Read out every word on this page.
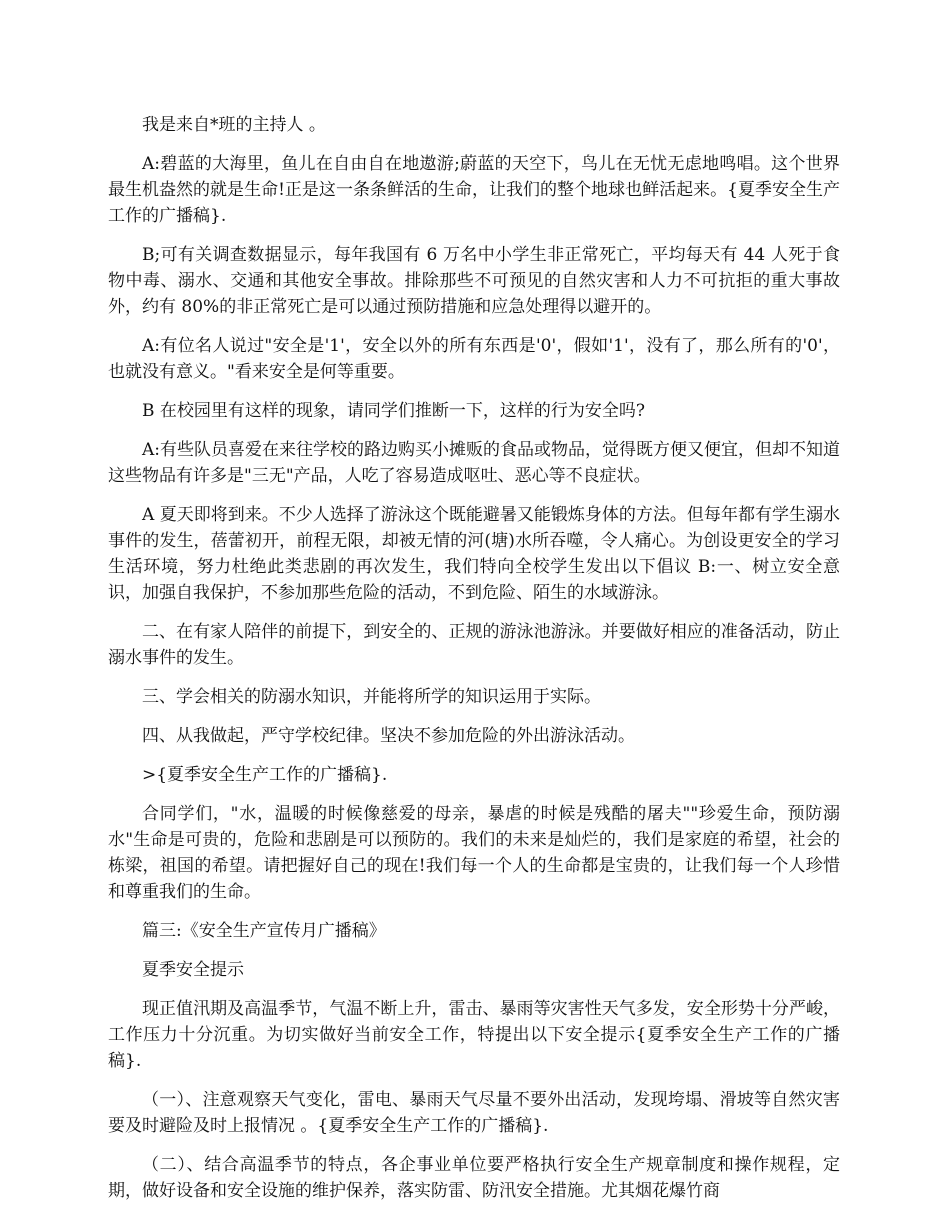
我是来自*班的主持人 。

A:碧蓝的大海里，鱼儿在自由自在地遨游;蔚蓝的天空下，鸟儿在无忧无虑地鸣唱。这个世界最生机盎然的就是生命!正是这一条条鲜活的生命，让我们的整个地球也鲜活起来。{夏季安全生产工作的广播稿}.

B;可有关调查数据显示，每年我国有 6 万名中小学生非正常死亡，平均每天有 44 人死于食物中毒、溺水、交通和其他安全事故。排除那些不可预见的自然灾害和人力不可抗拒的重大事故外，约有 80%的非正常死亡是可以通过预防措施和应急处理得以避开的。

A:有位名人说过"安全是'1'，安全以外的所有东西是'0'，假如'1'，没有了，那么所有的'0'，也就没有意义。"看来安全是何等重要。

B 在校园里有这样的现象，请同学们推断一下，这样的行为安全吗?

A:有些队员喜爱在来往学校的路边购买小摊贩的食品或物品，觉得既方便又便宜，但却不知道这些物品有许多是"三无"产品，人吃了容易造成呕吐、恶心等不良症状。

A 夏天即将到来。不少人选择了游泳这个既能避暑又能锻炼身体的方法。但每年都有学生溺水事件的发生，蓓蕾初开，前程无限，却被无情的河(塘)水所吞噬，令人痛心。为创设更安全的学习生活环境，努力杜绝此类悲剧的再次发生，我们特向全校学生发出以下倡议 B:一、树立安全意识，加强自我保护，不参加那些危险的活动，不到危险、陌生的水域游泳。

二、在有家人陪伴的前提下，到安全的、正规的游泳池游泳。并要做好相应的准备活动，防止溺水事件的发生。

三、学会相关的防溺水知识，并能将所学的知识运用于实际。

四、从我做起，严守学校纪律。坚决不参加危险的外出游泳活动。

>{夏季安全生产工作的广播稿}.

合同学们，"水，温暖的时候像慈爱的母亲，暴虐的时候是残酷的屠夫""珍爱生命，预防溺水"生命是可贵的，危险和悲剧是可以预防的。我们的未来是灿烂的，我们是家庭的希望，社会的栋梁，祖国的希望。请把握好自己的现在!我们每一个人的生命都是宝贵的，让我们每一个人珍惜和尊重我们的生命。

篇三:《安全生产宣传月广播稿》

夏季安全提示

现正值汛期及高温季节，气温不断上升，雷击、暴雨等灾害性天气多发，安全形势十分严峻，工作压力十分沉重。为切实做好当前安全工作，特提出以下安全提示{夏季安全生产工作的广播稿}.

（一）、注意观察天气变化，雷电、暴雨天气尽量不要外出活动，发现垮塌、滑坡等自然灾害要及时避险及时上报情况 。{夏季安全生产工作的广播稿}.

（二）、结合高温季节的特点，各企事业单位要严格执行安全生产规章制度和操作规程，定期，做好设备和安全设施的维护保养，落实防雷、防汛安全措施。尤其烟花爆竹商
